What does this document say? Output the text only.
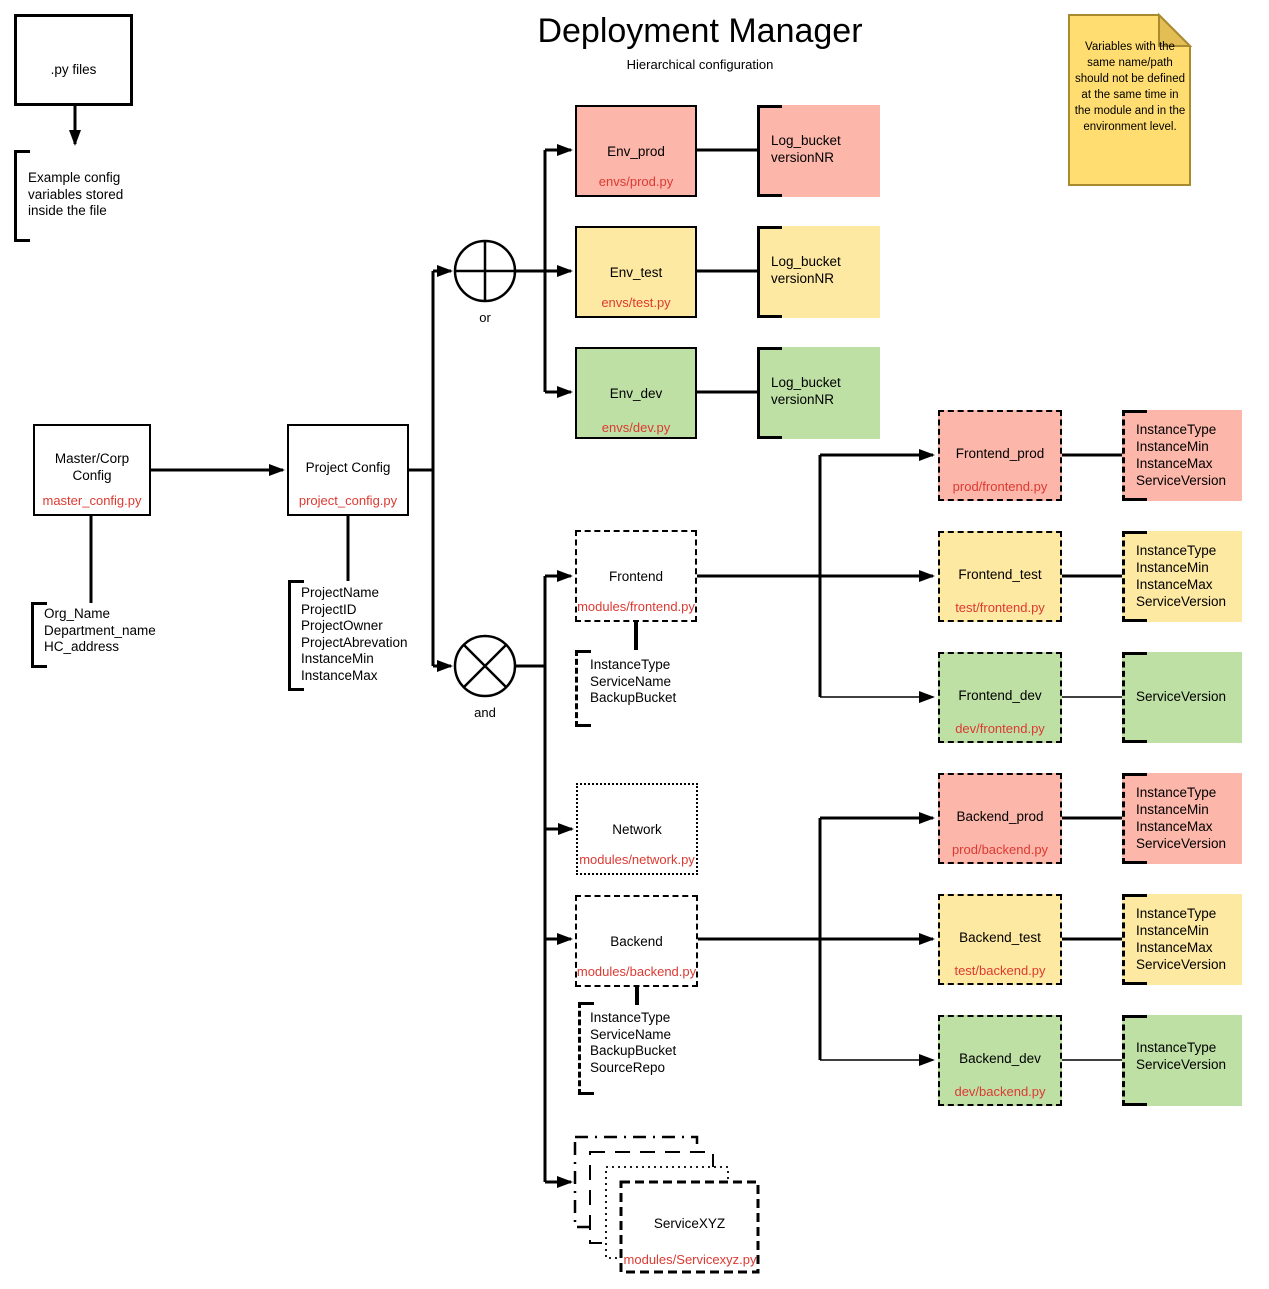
Deployment Manager
Hierarchical configuration
.py files
Example config variables stored inside the file
Variables with the same name/path should not be defined at the same time in the module and in the environment level.
Master/Corp Config
master_config.py
Org_Name
Department_name
HC_address
Project Config
project_config.py
ProjectName
ProjectID
ProjectOwner
ProjectAbrevation
InstanceMin
InstanceMax
or
and
Env_prod
envs/prod.py
Log_bucket
versionNR
Env_test
envs/test.py
Log_bucket
versionNR
Env_dev
envs/dev.py
Log_bucket
versionNR
Frontend
modules/frontend.py
InstanceType
ServiceName
BackupBucket
Network
modules/network.py
Backend
modules/backend.py
InstanceType
ServiceName
BackupBucket
SourceRepo
ServiceXYZ
modules/Servicexyz.py
Frontend_prod
prod/frontend.py
InstanceType
InstanceMin
InstanceMax
ServiceVersion
Frontend_test
test/frontend.py
InstanceType
InstanceMin
InstanceMax
ServiceVersion
Frontend_dev
dev/frontend.py
ServiceVersion
Backend_prod
prod/backend.py
InstanceType
InstanceMin
InstanceMax
ServiceVersion
Backend_test
test/backend.py
InstanceType
InstanceMin
InstanceMax
ServiceVersion
Backend_dev
dev/backend.py
InstanceType
ServiceVersion
